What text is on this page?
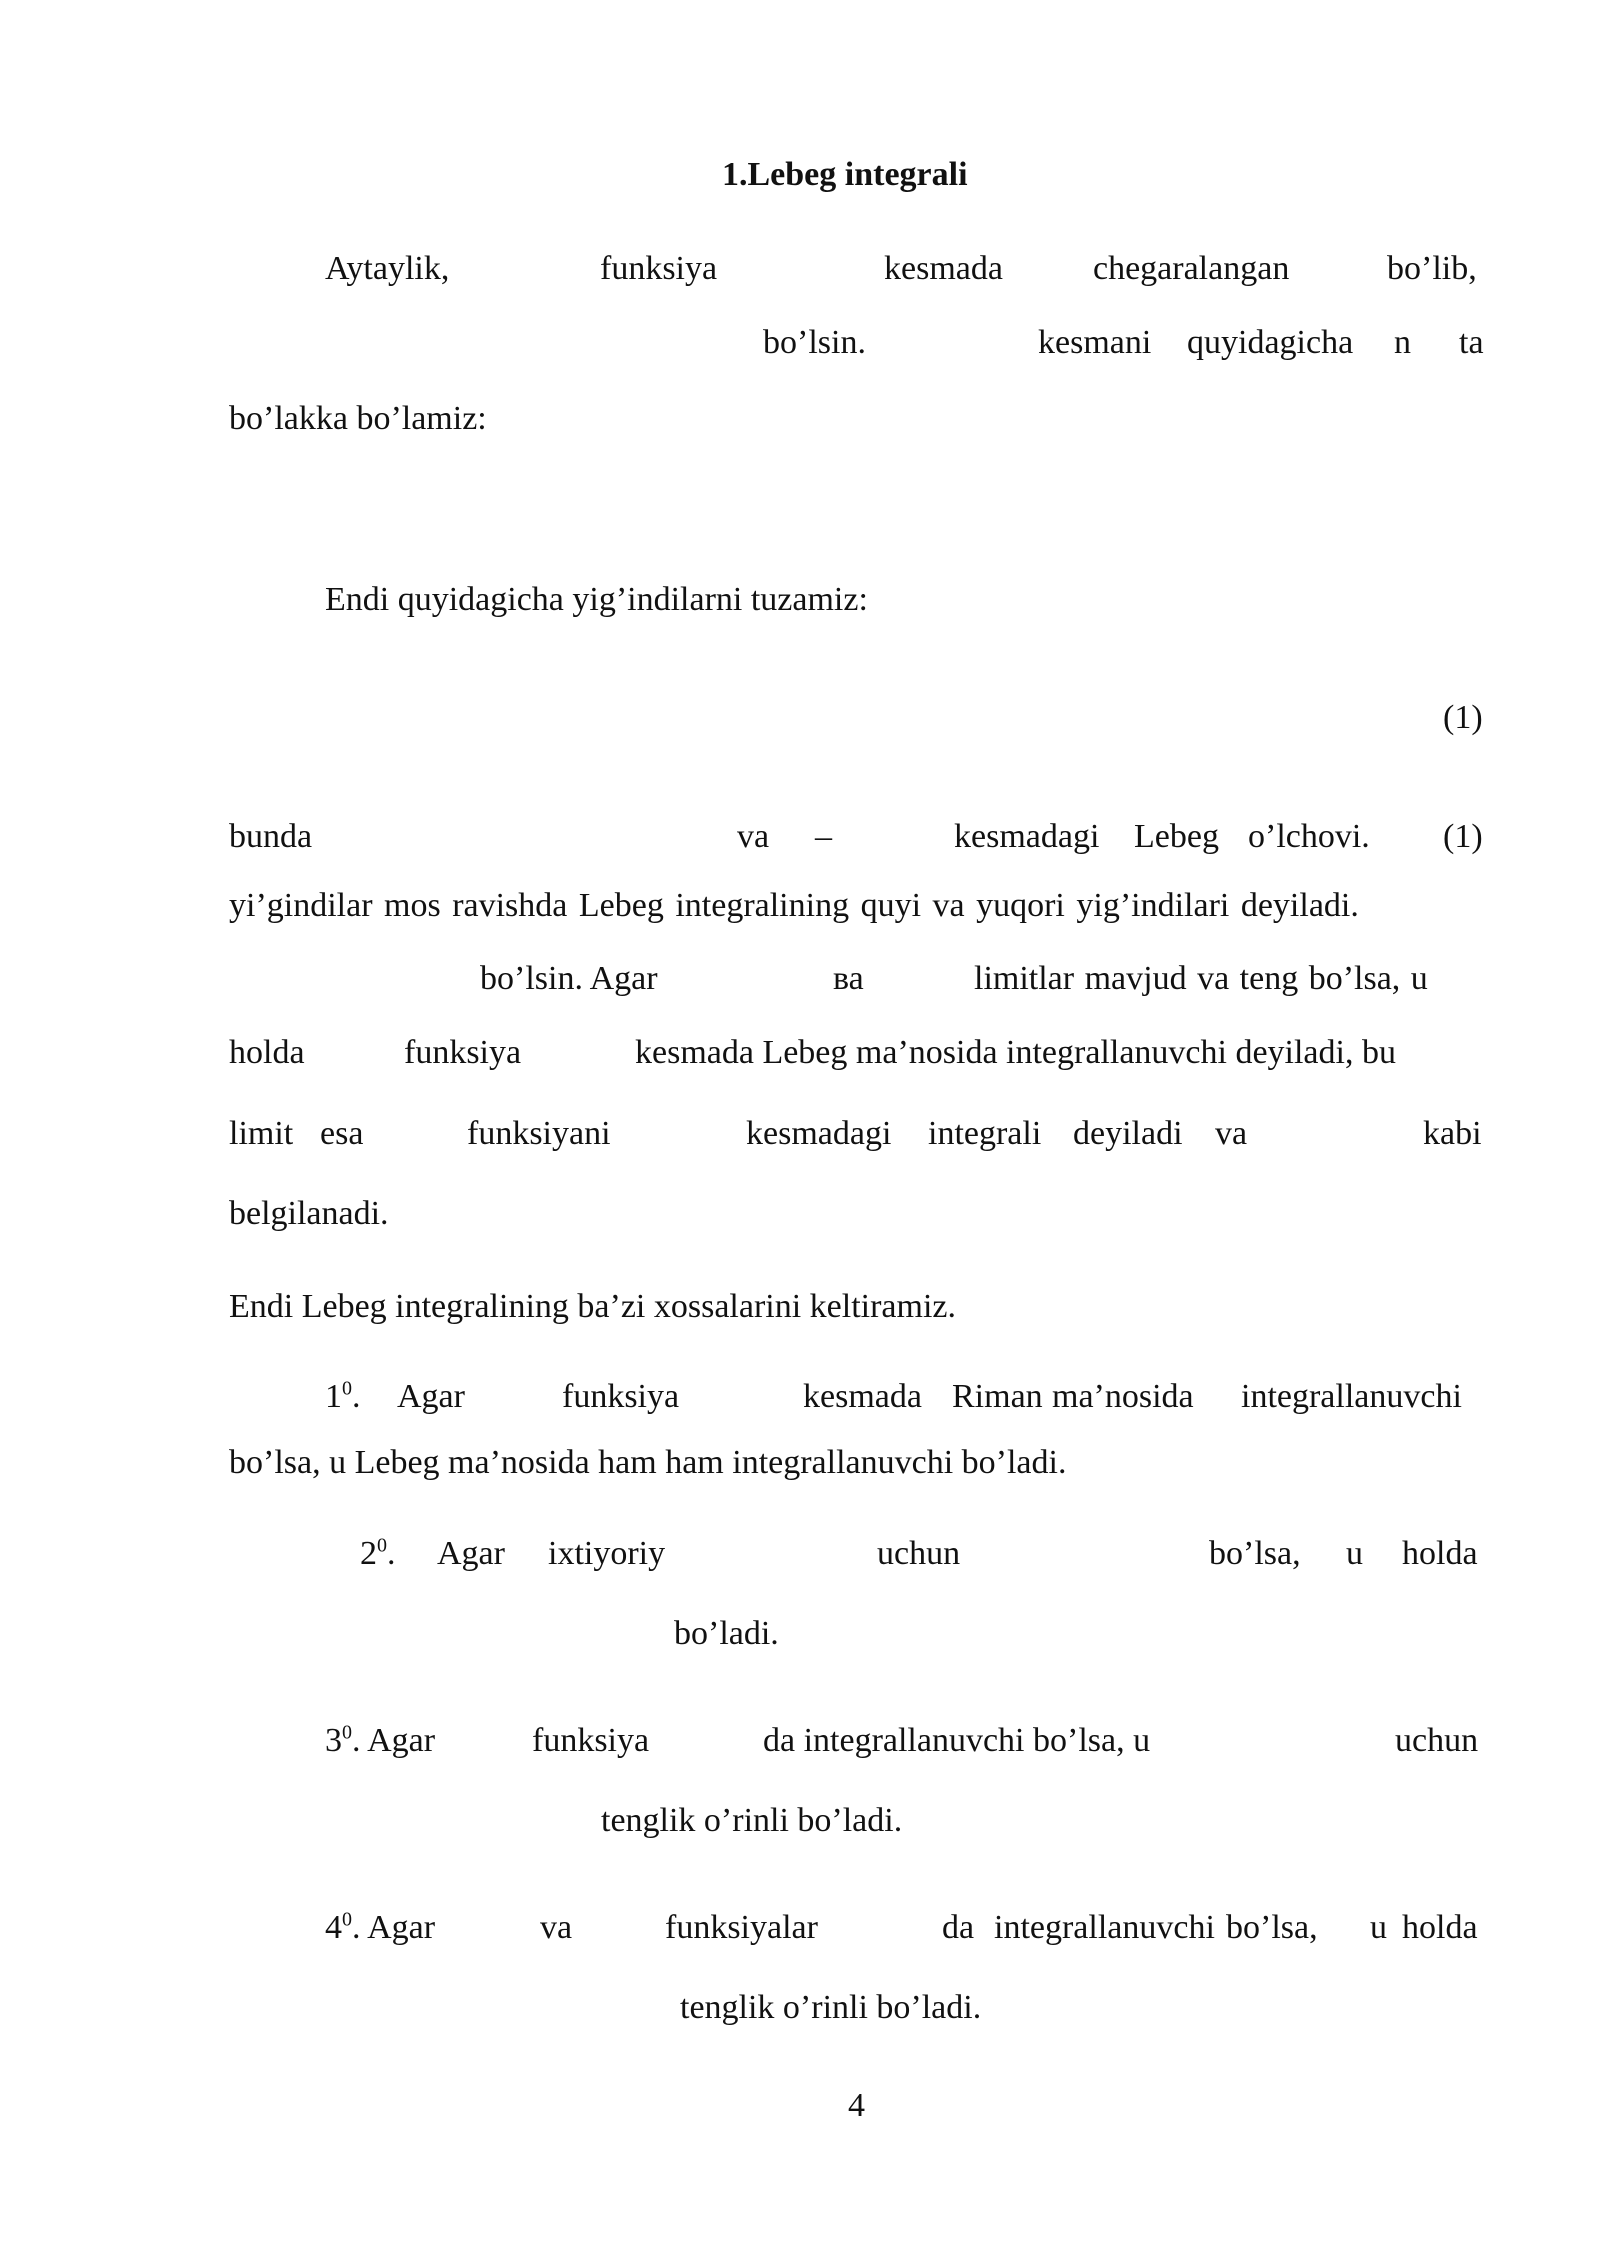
1.Lebeg integrali
Aytaylik,	funksiya	kesmada	chegaralangan	bo’lib,
bo’lsin.	kesmani quyidagicha n ta
bo’lakka bo’lamiz:
Endi quyidagicha yig’indilarni tuzamiz:
(1)
bunda	va –	kesmadagi Lebeg o’lchovi. (1)
yi’gindilar mos ravishda Lebeg integralining quyi va yuqori yig’indilari deyiladi.
bo’lsin. Agar	ва	limitlar mavjud va teng bo’lsa, u
holda	funksiya	kesmada Lebeg ma’nosida integrallanuvchi deyiladi, bu
limit esa	funksiyani	kesmadagi integrali deyiladi va	kabi
belgilanadi.
Endi Lebeg integralining ba’zi xossalarini keltiramiz.
$1^0$. Agar	funksiya	kesmada Riman ma’nosida integrallanuvchi
bo’lsa, u Lebeg ma’nosida ham ham integrallanuvchi bo’ladi.
$2^0$. Agar ixtiyoriy	uchun	bo’lsa, u holda
bo’ladi.
$3^0$. Agar	funksiya	da integrallanuvchi bo’lsa, u	uchun
tenglik o’rinli bo’ladi.
$4^0$. Agar	va	funksiyalar	da integrallanuvchi bo’lsa, u holda
tenglik o’rinli bo’ladi.
4
